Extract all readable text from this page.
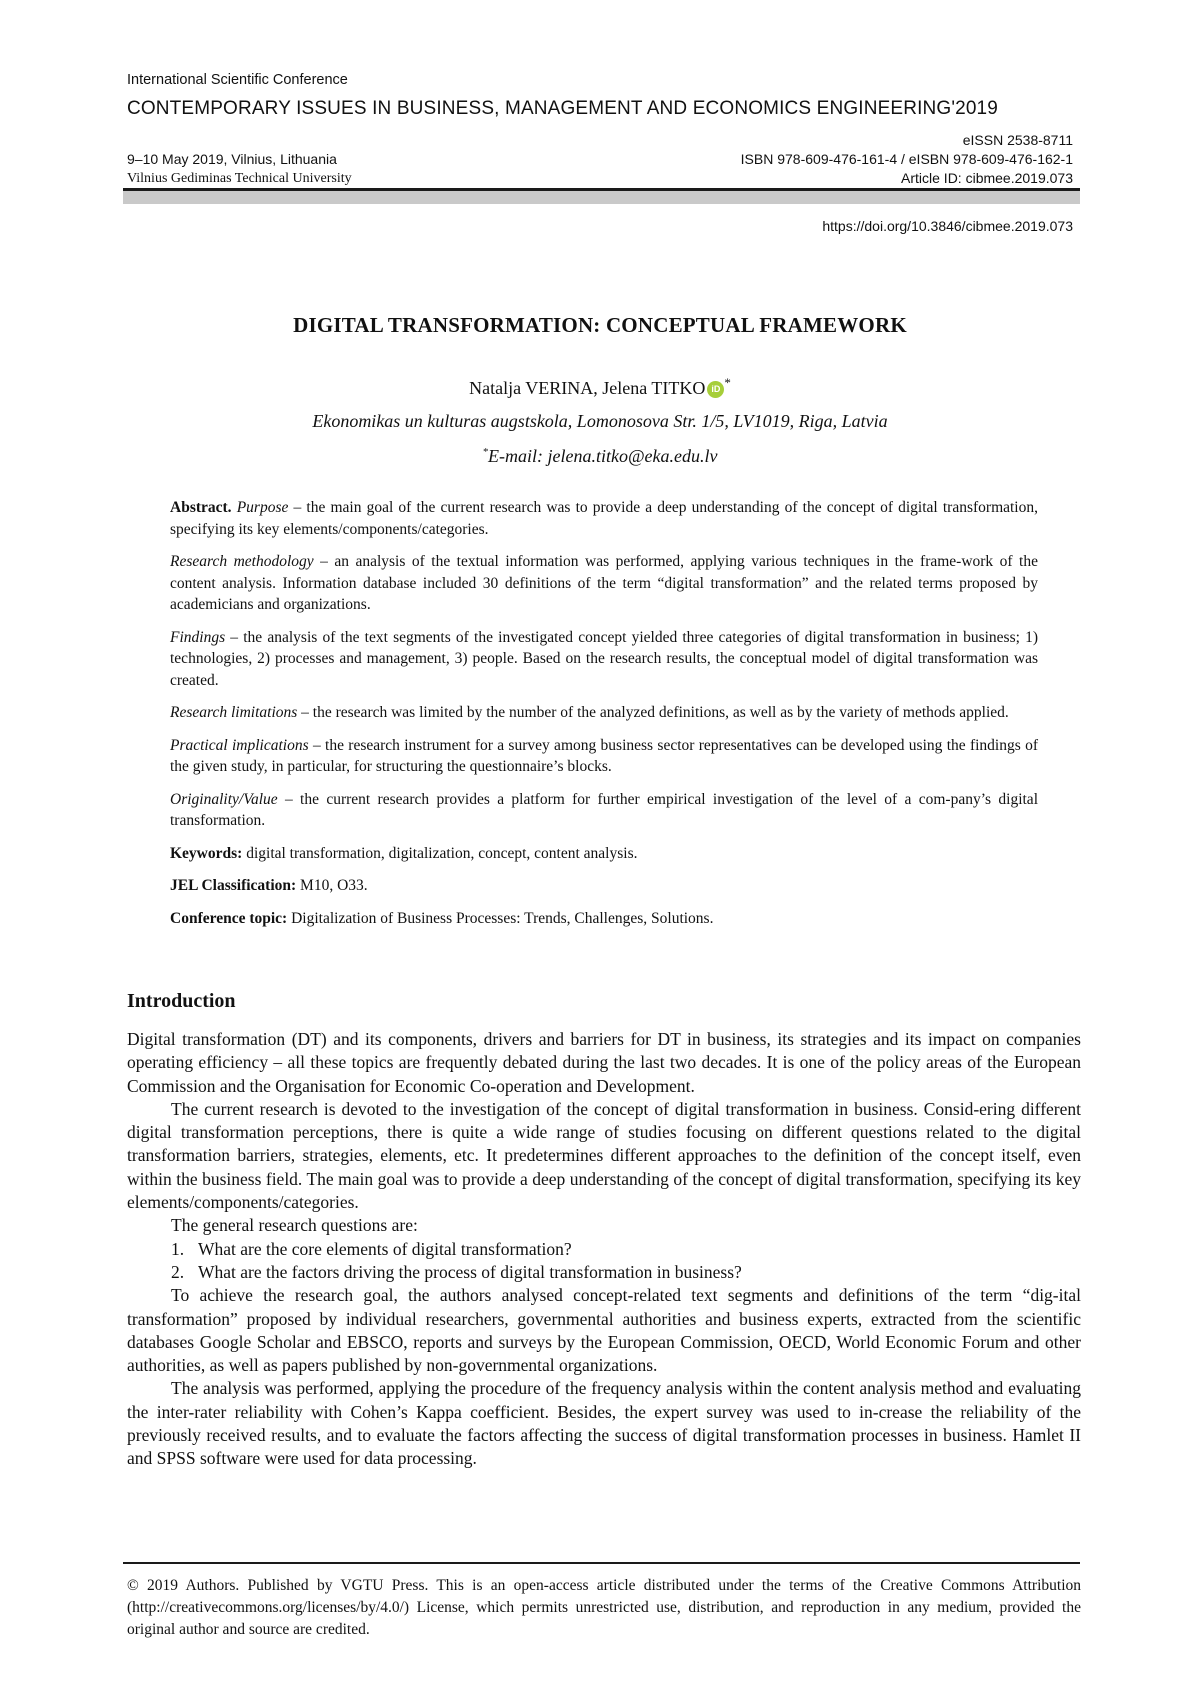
International Scientific Conference
CONTEMPORARY ISSUES IN BUSINESS, MANAGEMENT AND ECONOMICS ENGINEERING'2019
9–10 May 2019, Vilnius, Lithuania
Vilnius Gediminas Technical University
eISSN 2538-8711
ISBN 978-609-476-161-4 / eISBN 978-609-476-162-1
Article ID: cibmee.2019.073
https://doi.org/10.3846/cibmee.2019.073
DIGITAL TRANSFORMATION: CONCEPTUAL FRAMEWORK
Natalja VERINA, Jelena TITKO iD *
Ekonomikas un kulturas augstskola, Lomonosova Str. 1/5, LV1019, Riga, Latvia
*E-mail: jelena.titko@eka.edu.lv

Abstract. Purpose – the main goal of the current research was to provide a deep understanding of the concept of digital transformation, specifying its key elements/components/categories.

Research methodology – an analysis of the textual information was performed, applying various techniques in the frame-work of the content analysis. Information database included 30 definitions of the term “digital transformation” and the related terms proposed by academicians and organizations.

Findings – the analysis of the text segments of the investigated concept yielded three categories of digital transformation in business; 1) technologies, 2) processes and management, 3) people. Based on the research results, the conceptual model of digital transformation was created.

Research limitations – the research was limited by the number of the analyzed definitions, as well as by the variety of methods applied.

Practical implications – the research instrument for a survey among business sector representatives can be developed using the findings of the given study, in particular, for structuring the questionnaire’s blocks.

Originality/Value – the current research provides a platform for further empirical investigation of the level of a com-pany’s digital transformation.

Keywords: digital transformation, digitalization, concept, content analysis.

JEL Classification: M10, O33.

Conference topic: Digitalization of Business Processes: Trends, Challenges, Solutions.

Introduction

Digital transformation (DT) and its components, drivers and barriers for DT in business, its strategies and its impact on companies operating efficiency – all these topics are frequently debated during the last two decades. It is one of the policy areas of the European Commission and the Organisation for Economic Co-operation and Development.

The current research is devoted to the investigation of the concept of digital transformation in business. Consid-ering different digital transformation perceptions, there is quite a wide range of studies focusing on different questions related to the digital transformation barriers, strategies, elements, etc. It predetermines different approaches to the definition of the concept itself, even within the business field. The main goal was to provide a deep understanding of the concept of digital transformation, specifying its key elements/components/categories.

The general research questions are:

1. What are the core elements of digital transformation?
2. What are the factors driving the process of digital transformation in business?

To achieve the research goal, the authors analysed concept-related text segments and definitions of the term “dig-ital transformation” proposed by individual researchers, governmental authorities and business experts, extracted from the scientific databases Google Scholar and EBSCO, reports and surveys by the European Commission, OECD, World Economic Forum and other authorities, as well as papers published by non-governmental organizations.

The analysis was performed, applying the procedure of the frequency analysis within the content analysis method and evaluating the inter-rater reliability with Cohen’s Kappa coefficient. Besides, the expert survey was used to in-crease the reliability of the previously received results, and to evaluate the factors affecting the success of digital transformation processes in business. Hamlet II and SPSS software were used for data processing.

© 2019 Authors. Published by VGTU Press. This is an open-access article distributed under the terms of the Creative Commons Attribution (http://creativecommons.org/licenses/by/4.0/) License, which permits unrestricted use, distribution, and reproduction in any medium, provided the original author and source are credited.
